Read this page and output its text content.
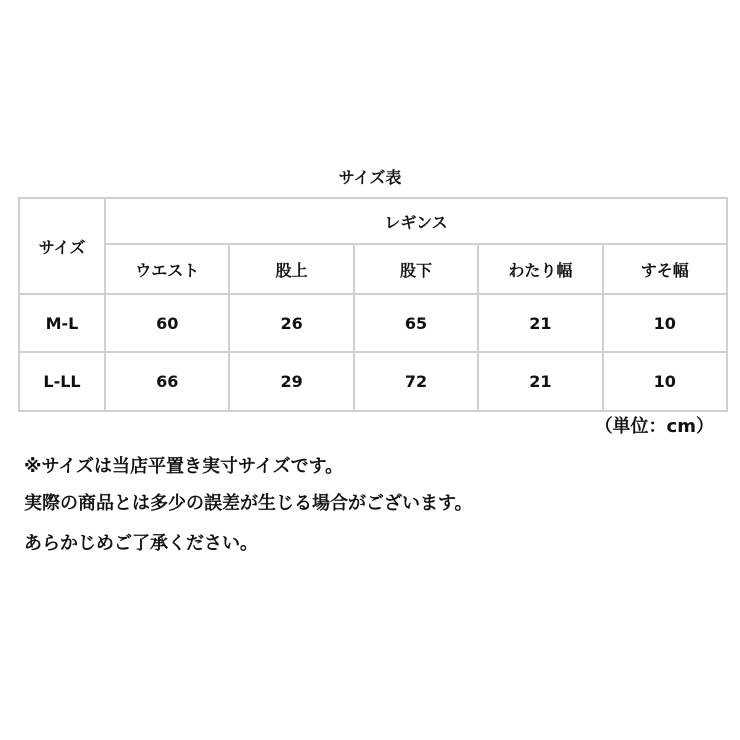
サイズ表
サイズ	レギンス				
	ウエスト	股上	股下	わたり幅	すそ幅
M-L	60	26	65	21	10
L-LL	66	29	72	21	10
（単位：cm）
※サイズは当店平置き実寸サイズです。
実際の商品とは多少の誤差が生じる場合がございます。
あらかじめご了承ください。
